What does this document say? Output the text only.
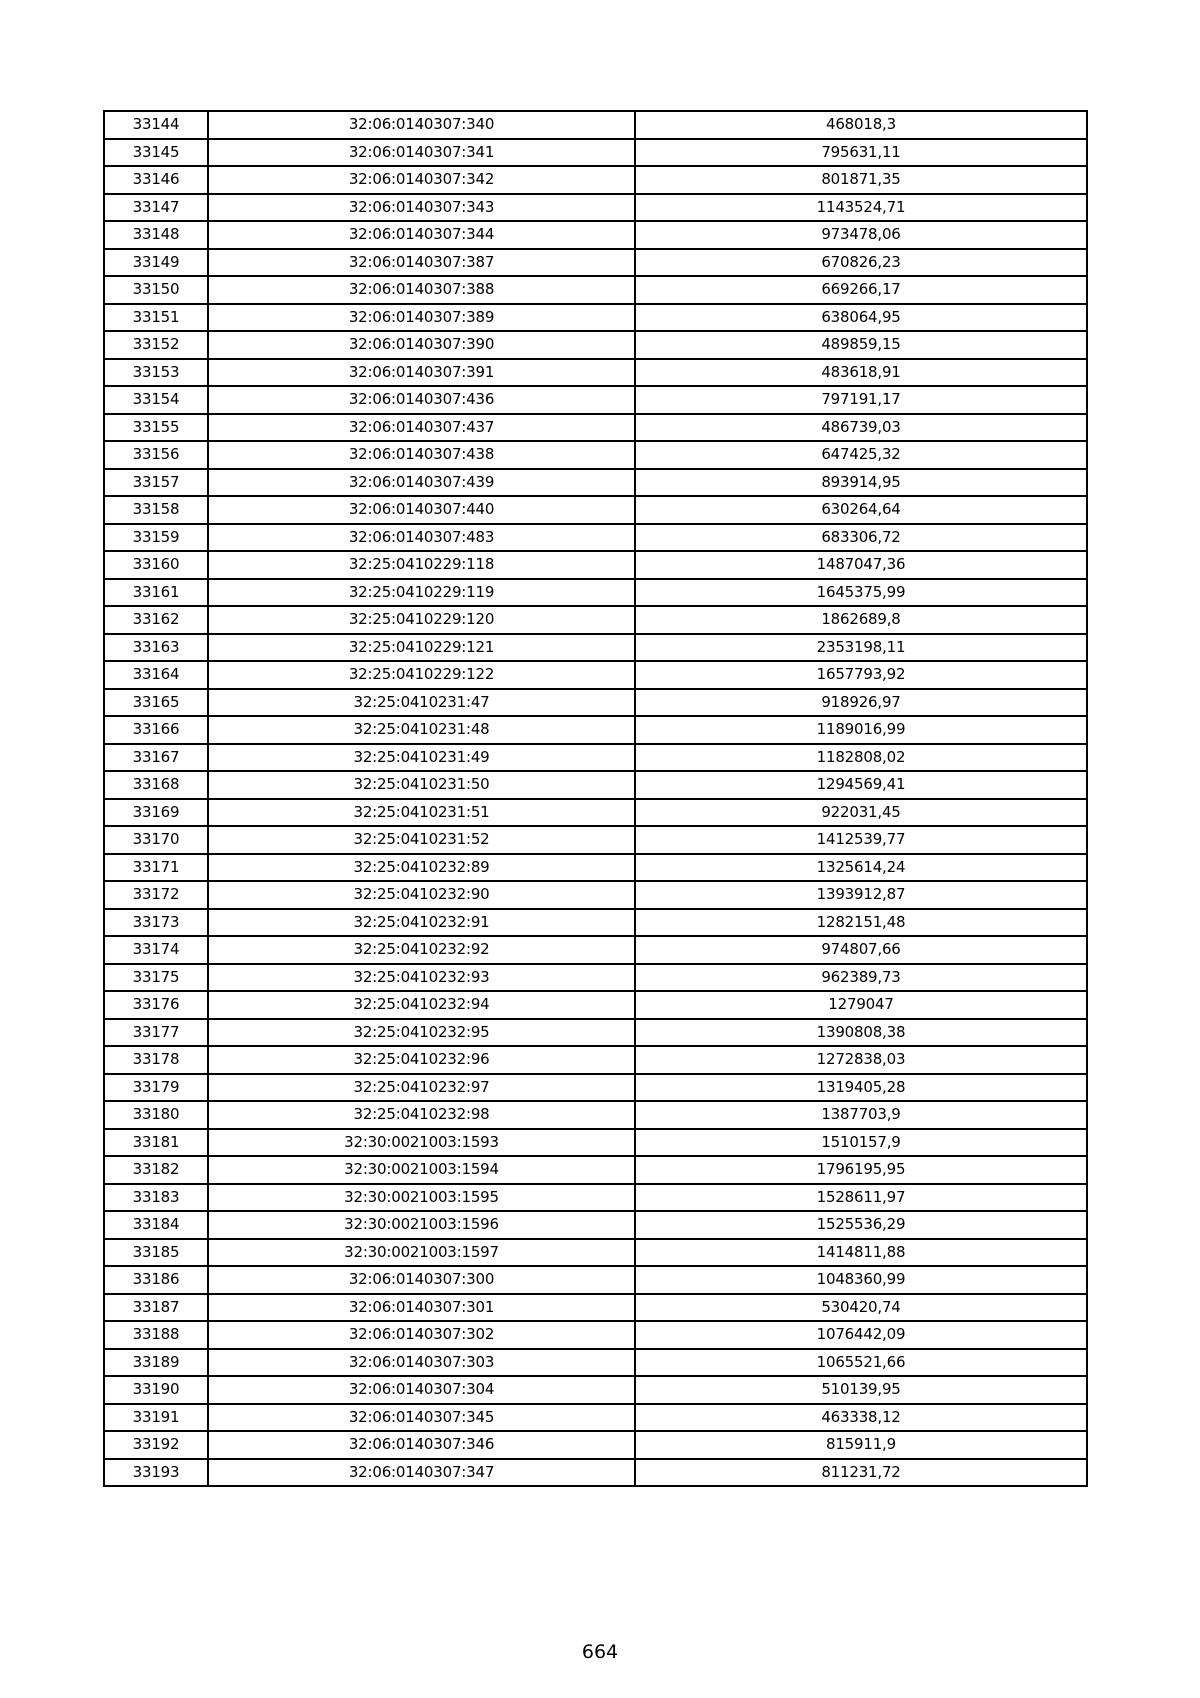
33144	32:06:0140307:340	468018,3
33145	32:06:0140307:341	795631,11
33146	32:06:0140307:342	801871,35
33147	32:06:0140307:343	1143524,71
33148	32:06:0140307:344	973478,06
33149	32:06:0140307:387	670826,23
33150	32:06:0140307:388	669266,17
33151	32:06:0140307:389	638064,95
33152	32:06:0140307:390	489859,15
33153	32:06:0140307:391	483618,91
33154	32:06:0140307:436	797191,17
33155	32:06:0140307:437	486739,03
33156	32:06:0140307:438	647425,32
33157	32:06:0140307:439	893914,95
33158	32:06:0140307:440	630264,64
33159	32:06:0140307:483	683306,72
33160	32:25:0410229:118	1487047,36
33161	32:25:0410229:119	1645375,99
33162	32:25:0410229:120	1862689,8
33163	32:25:0410229:121	2353198,11
33164	32:25:0410229:122	1657793,92
33165	32:25:0410231:47	918926,97
33166	32:25:0410231:48	1189016,99
33167	32:25:0410231:49	1182808,02
33168	32:25:0410231:50	1294569,41
33169	32:25:0410231:51	922031,45
33170	32:25:0410231:52	1412539,77
33171	32:25:0410232:89	1325614,24
33172	32:25:0410232:90	1393912,87
33173	32:25:0410232:91	1282151,48
33174	32:25:0410232:92	974807,66
33175	32:25:0410232:93	962389,73
33176	32:25:0410232:94	1279047
33177	32:25:0410232:95	1390808,38
33178	32:25:0410232:96	1272838,03
33179	32:25:0410232:97	1319405,28
33180	32:25:0410232:98	1387703,9
33181	32:30:0021003:1593	1510157,9
33182	32:30:0021003:1594	1796195,95
33183	32:30:0021003:1595	1528611,97
33184	32:30:0021003:1596	1525536,29
33185	32:30:0021003:1597	1414811,88
33186	32:06:0140307:300	1048360,99
33187	32:06:0140307:301	530420,74
33188	32:06:0140307:302	1076442,09
33189	32:06:0140307:303	1065521,66
33190	32:06:0140307:304	510139,95
33191	32:06:0140307:345	463338,12
33192	32:06:0140307:346	815911,9
33193	32:06:0140307:347	811231,72
664
